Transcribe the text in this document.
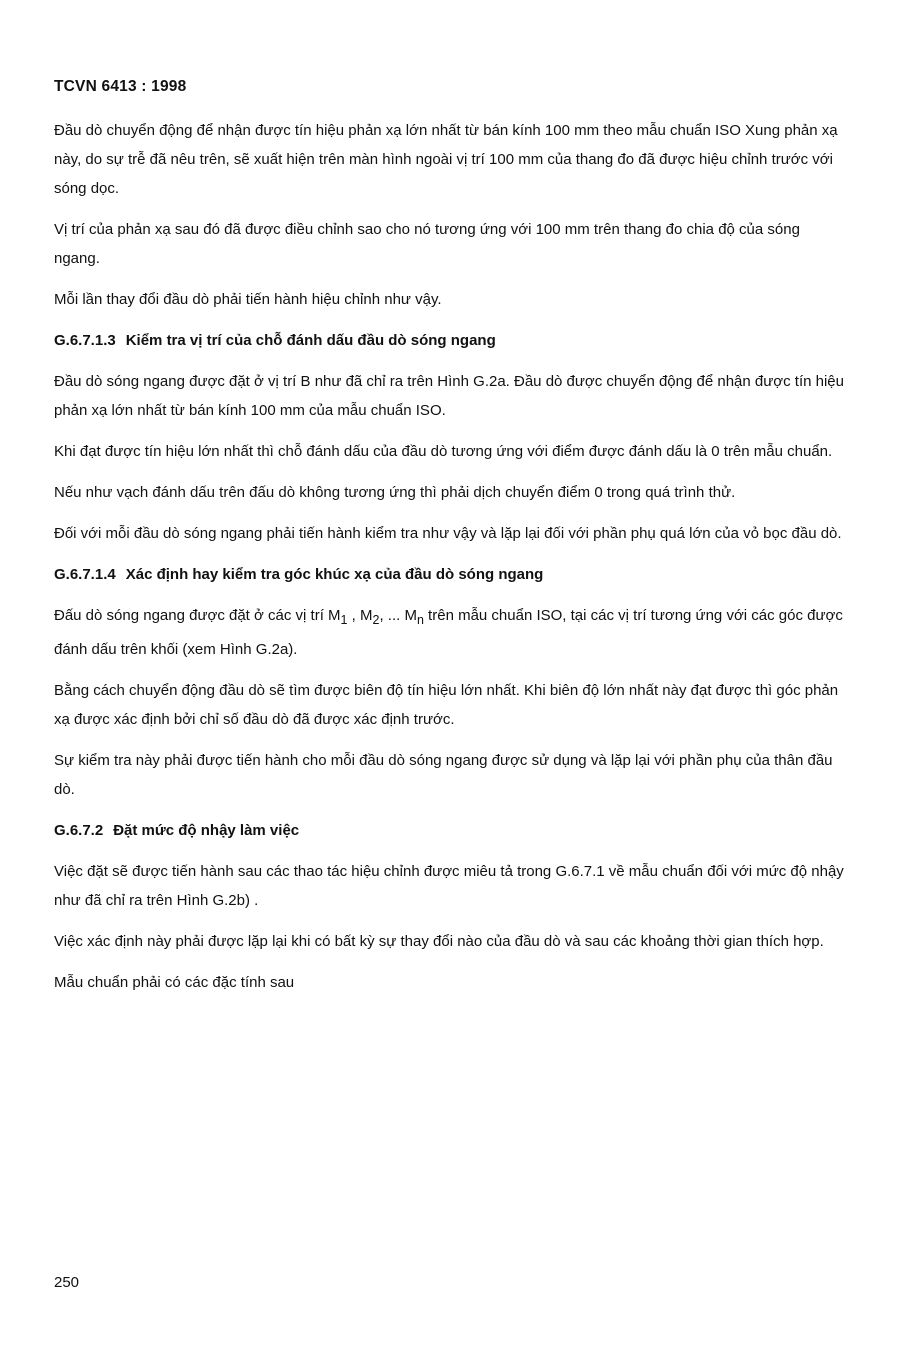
TCVN 6413 : 1998

Đầu dò chuyển động để nhận được tín hiệu phản xạ lớn nhất từ bán kính 100 mm theo mẫu chuẩn ISO Xung phản xạ này, do sự trễ đã nêu trên, sẽ xuất hiện trên màn hình ngoài vị trí 100 mm của thang đo đã được hiệu chỉnh trước với sóng dọc.

Vị trí của phản xạ sau đó đã được điều chỉnh sao cho nó tương ứng với 100 mm trên thang đo chia độ của sóng ngang.

Mỗi lần thay đổi đầu dò phải tiến hành hiệu chỉnh như vậy.

G.6.7.1.3 Kiểm tra vị trí của chỗ đánh dấu đầu dò sóng ngang

Đầu dò sóng ngang được đặt ở vị trí B như đã chỉ ra trên Hình G.2a. Đầu dò được chuyển động để nhận được tín hiệu phản xạ lớn nhất từ bán kính 100 mm của mẫu chuẩn ISO.

Khi đạt được tín hiệu lớn nhất thì chỗ đánh dấu của đầu dò tương ứng với điểm được đánh dấu là 0 trên mẫu chuẩn.

Nếu như vạch đánh dấu trên đấu dò không tương ứng thì phải dịch chuyển điểm 0 trong quá trình thử.

Đối với mỗi đầu dò sóng ngang phải tiến hành kiểm tra như vậy và lặp lại đối với phần phụ quá lớn của vỏ bọc đầu dò.

G.6.7.1.4 Xác định hay kiểm tra góc khúc xạ của đầu dò sóng ngang

Đấu dò sóng ngang được đặt ở các vị trí $M_1$ , $M_2$, ... $M_n$ trên mẫu chuẩn ISO, tại các vị trí tương ứng với các góc được đánh dấu trên khối (xem Hình G.2a).

Bằng cách chuyển động đầu dò sẽ tìm được biên độ tín hiệu lớn nhất. Khi biên độ lớn nhất này đạt được thì góc phản xạ được xác định bởi chỉ số đầu dò đã được xác định trước.

Sự kiểm tra này phải được tiến hành cho mỗi đầu dò sóng ngang được sử dụng và lặp lại với phần phụ của thân đầu dò.

G.6.7.2 Đặt mức độ nhậy làm việc

Việc đặt sẽ được tiến hành sau các thao tác hiệu chỉnh được miêu tả trong G.6.7.1 về mẫu chuẩn đối với mức độ nhậy như đã chỉ ra trên Hình G.2b) .

Việc xác định này phải được lặp lại khi có bất kỳ sự thay đổi nào của đầu dò và sau các khoảng thời gian thích hợp.

Mẫu chuẩn phải có các đặc tính sau

250
